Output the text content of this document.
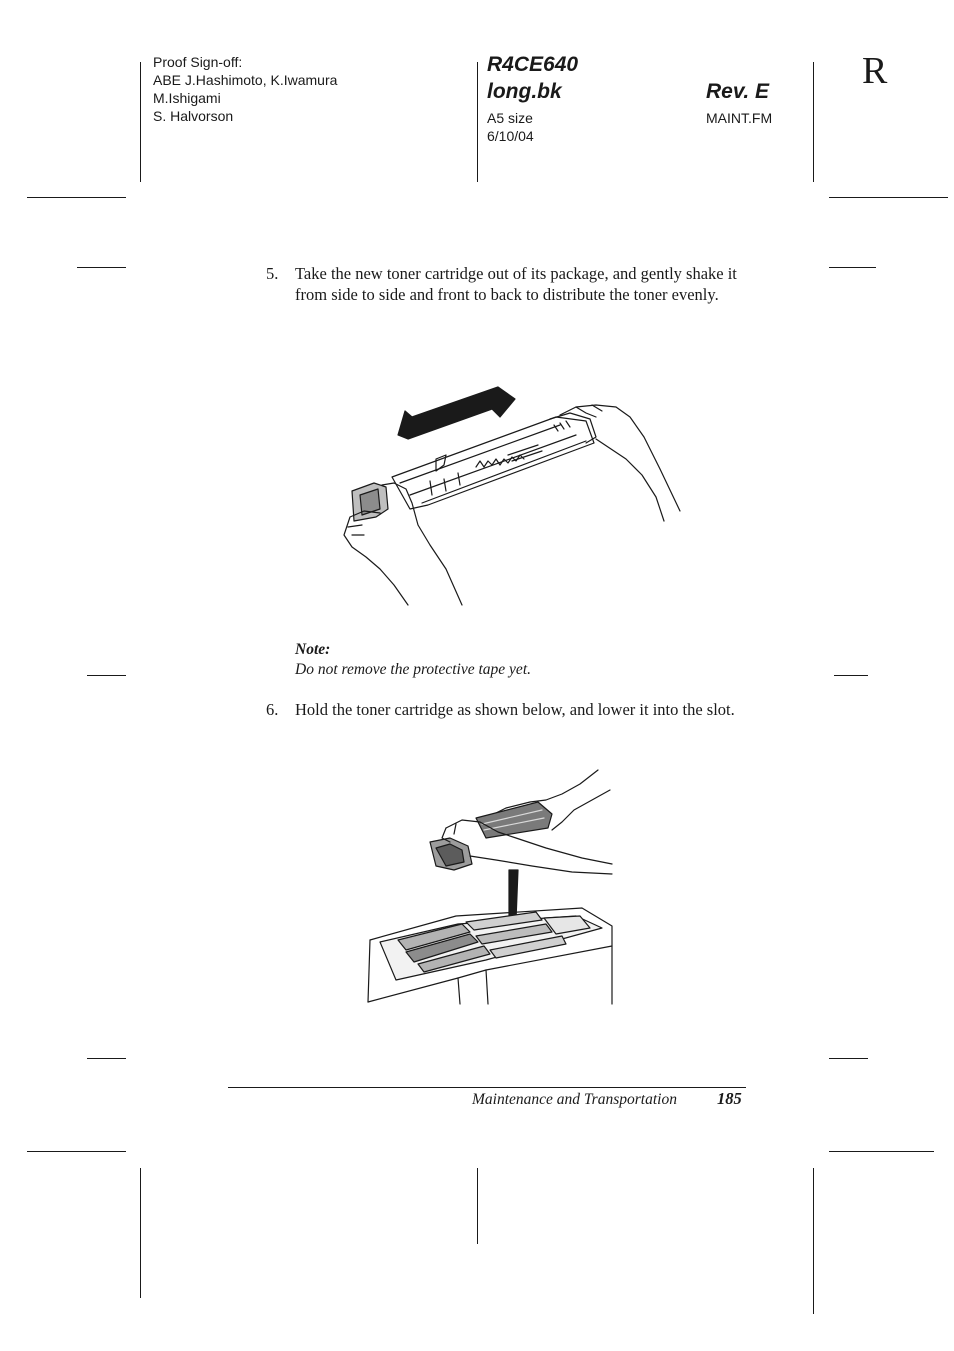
Proof Sign-off:
ABE J.Hashimoto, K.Iwamura
M.Ishigami
S. Halvorson
R4CE640
long.bk	Rev. E
A5 size
6/10/04
MAINT.FM
R
5. Take the new toner cartridge out of its package, and gently shake it from side to side and front to back to distribute the toner evenly.
Note:
Do not remove the protective tape yet.
6. Hold the toner cartridge as shown below, and lower it into the slot.
Maintenance and Transportation 185
